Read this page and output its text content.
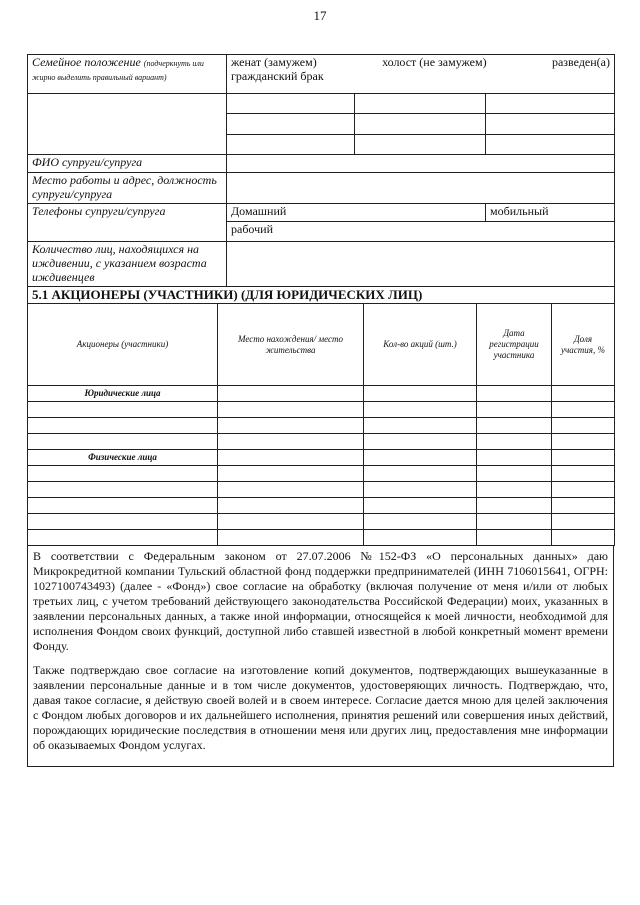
17
Семейное положение (подчеркнуть или жирно выделить правильный вариант)	женат (замужем) холост (не замужем) разведен(а)
гражданский брак		

ФИО супруги/супруга			
Место работы и адрес, должность супруги/супруга			
Телефоны супруги/супруга	Домашний		мобильный
	рабочий		
Количество лиц, находящихся на иждивении, с указанием возраста иждивенцев			
5.1 АКЦИОНЕРЫ (УЧАСТНИКИ) (ДЛЯ ЮРИДИЧЕСКИХ ЛИЦ)				
Акционеры (участники)	Место нахождения/ место жительства	Кол-во акций (шт.)	Дата регистрации участника	Доля участия, %
Юридические лица				

Физические лица				

В соответствии с Федеральным законом от 27.07.2006 №152-ФЗ «О персональных данных» даю Микрокредитной компании Тульский областной фонд поддержки предпринимателей (ИНН 7106015641, ОГРН: 1027100743493) (далее - «Фонд») свое согласие на обработку (включая получение от меня и/или от любых третьих лиц, с учетом требований действующего законодательства Российской Федерации) моих, указанных в заявлении персональных данных, а также иной информации, относящейся к моей личности, необходимой для исполнения Фондом своих функций, доступной либо ставшей известной в любой конкретный момент времени Фонду.

Также подтверждаю свое согласие на изготовление копий документов, подтверждающих вышеуказанные в заявлении персональные данные и в том числе документов, удостоверяющих личность. Подтверждаю, что, давая такое согласие, я действую своей волей и в своем интересе. Согласие дается мною для целей заключения с Фондом любых договоров и их дальнейшего исполнения, принятия решений или совершения иных действий, порождающих юридические последствия в отношении меня или других лиц, предоставления мне информации об оказываемых Фондом услугах.
